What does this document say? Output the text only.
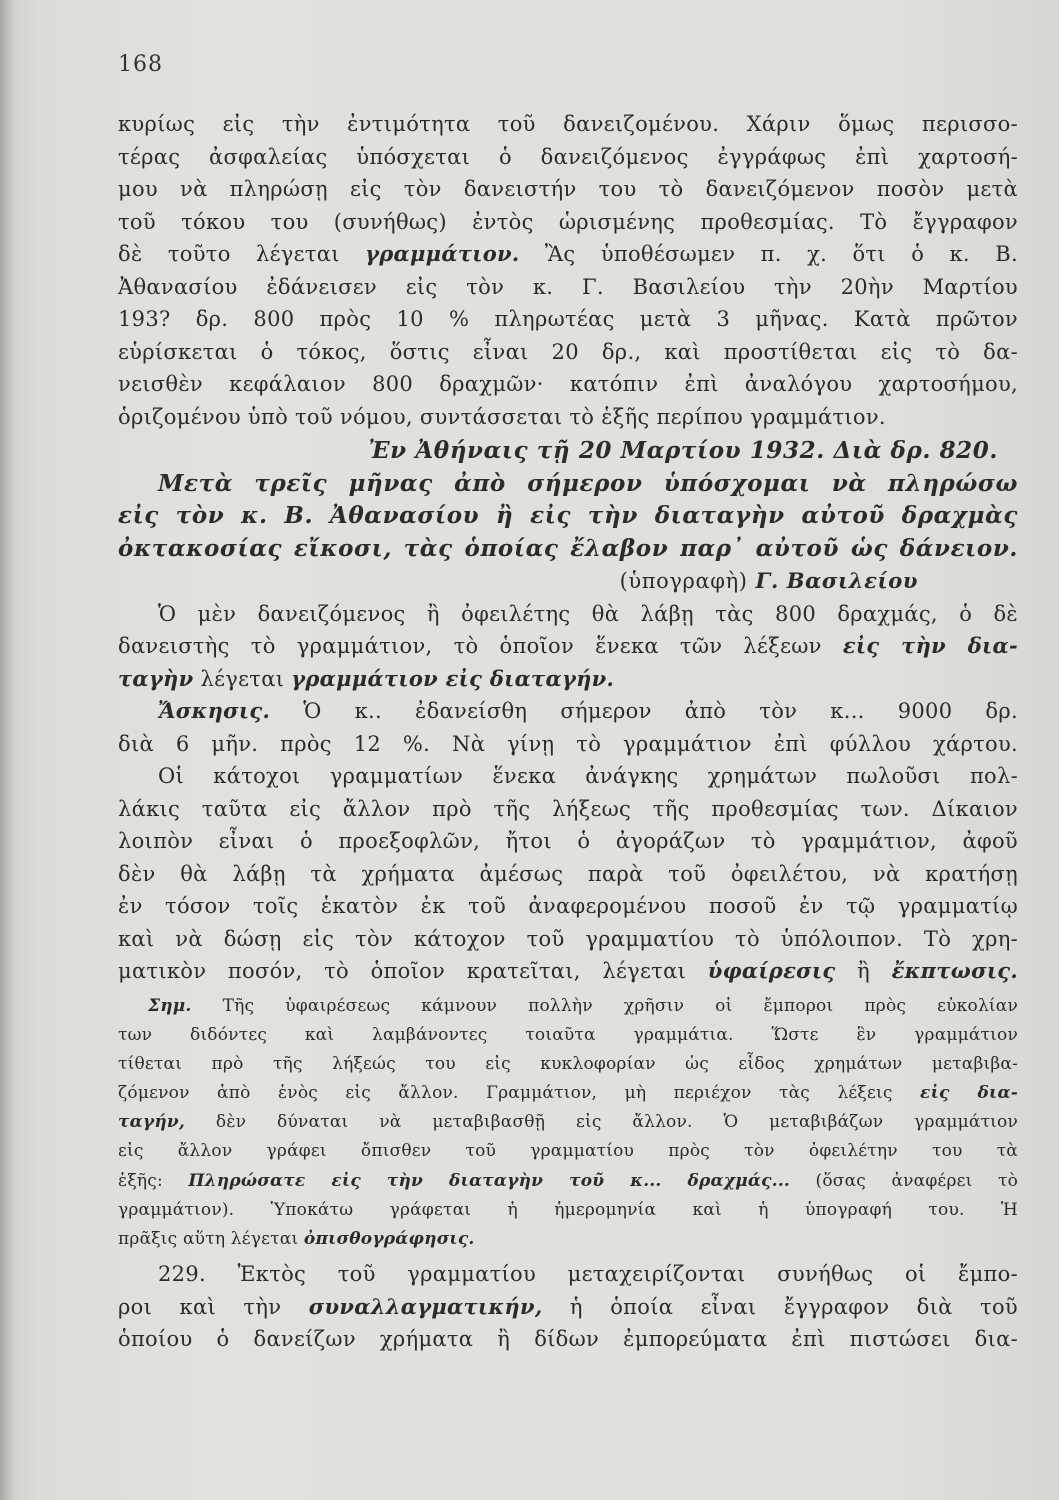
168
κυρίως εἰς τὴν ἐντιμότητα τοῦ δανειζομένου. Χάριν ὅμως περισσο-
τέρας ἀσφαλείας ὑπόσχεται ὁ δανειζόμενος ἐγγράφως ἐπὶ χαρτοσή-
μου νὰ πληρώσῃ εἰς τὸν δανειστήν του τὸ δανειζόμενον ποσὸν μετὰ
τοῦ τόκου του (συνήθως) ἐντὸς ὡρισμένης προθεσμίας. Τὸ ἔγγραφον
δὲ τοῦτο λέγεται γραμμάτιον. Ἂς ὑποθέσωμεν π. χ. ὅτι ὁ κ. Β.
Ἀθανασίου ἐδάνεισεν εἰς τὸν κ. Γ. Βασιλείου τὴν 20ὴν Μαρτίου
193? δρ. 800 πρὸς 10 % πληρωτέας μετὰ 3 μῆνας. Κατὰ πρῶτον
εὑρίσκεται ὁ τόκος, ὅστις εἶναι 20 δρ., καὶ προστίθεται εἰς τὸ δα-
νεισθὲν κεφάλαιον 800 δραχμῶν· κατόπιν ἐπὶ ἀναλόγου χαρτοσήμου,
ὁριζομένου ὑπὸ τοῦ νόμου, συντάσσεται τὸ ἑξῆς περίπου γραμμάτιον.
Ἐν Ἀθήναις τῇ 20 Μαρτίου 1932. Διὰ δρ. 820.
Μετὰ τρεῖς μῆνας ἀπὸ σήμερον ὑπόσχομαι νὰ πληρώσω
εἰς τὸν κ. Β. Ἀθανασίου ἢ εἰς τὴν διαταγὴν αὐτοῦ δραχμὰς
ὀκτακοσίας εἴκοσι, τὰς ὁποίας ἔλαβον παρ᾽ αὐτοῦ ὡς δάνειον.
(ὑπογραφὴ) Γ. Βασιλείου
Ὁ μὲν δανειζόμενος ἢ ὀφειλέτης θὰ λάβῃ τὰς 800 δραχμάς, ὁ δὲ
δανειστὴς τὸ γραμμάτιον, τὸ ὁποῖον ἕνεκα τῶν λέξεων εἰς τὴν δια-
ταγὴν λέγεται γραμμάτιον εἰς διαταγήν.
Ἄσκησις. Ὁ κ.. ἐδανείσθη σήμερον ἀπὸ τὸν κ... 9000 δρ.
διὰ 6 μῆν. πρὸς 12 %. Νὰ γίνῃ τὸ γραμμάτιον ἐπὶ φύλλου χάρτου.
Οἱ κάτοχοι γραμματίων ἕνεκα ἀνάγκης χρημάτων πωλοῦσι πολ-
λάκις ταῦτα εἰς ἄλλον πρὸ τῆς λήξεως τῆς προθεσμίας των. Δίκαιον
λοιπὸν εἶναι ὁ προεξοφλῶν, ἤτοι ὁ ἀγοράζων τὸ γραμμάτιον, ἀφοῦ
δὲν θὰ λάβῃ τὰ χρήματα ἀμέσως παρὰ τοῦ ὀφειλέτου, νὰ κρατήσῃ
ἐν τόσον τοῖς ἑκατὸν ἐκ τοῦ ἀναφερομένου ποσοῦ ἐν τῷ γραμματίῳ
καὶ νὰ δώσῃ εἰς τὸν κάτοχον τοῦ γραμματίου τὸ ὑπόλοιπον. Τὸ χρη-
ματικὸν ποσόν, τὸ ὁποῖον κρατεῖται, λέγεται ὑφαίρεσις ἢ ἔκπτωσις.
Σημ. Τῆς ὑφαιρέσεως κάμνουν πολλὴν χρῆσιν οἱ ἔμποροι πρὸς εὐκολίαν
των διδόντες καὶ λαμβάνοντες τοιαῦτα γραμμάτια. Ὥστε ἓν γραμμάτιον
τίθεται πρὸ τῆς λήξεώς του εἰς κυκλοφορίαν ὡς εἶδος χρημάτων μεταβιβα-
ζόμενον ἀπὸ ἑνὸς εἰς ἄλλον. Γραμμάτιον, μὴ περιέχον τὰς λέξεις εἰς δια-
ταγήν, δὲν δύναται νὰ μεταβιβασθῇ εἰς ἄλλον. Ὁ μεταβιβάζων γραμμάτιον
εἰς ἄλλον γράφει ὄπισθεν τοῦ γραμματίου πρὸς τὸν ὀφειλέτην του τὰ
ἑξῆς: Πληρώσατε εἰς τὴν διαταγὴν τοῦ κ... δραχμάς... (ὅσας ἀναφέρει τὸ
γραμμάτιον). Ὑποκάτω γράφεται ἡ ἡμερομηνία καὶ ἡ ὑπογραφή του. Ἡ
πρᾶξις αὕτη λέγεται ὀπισθογράφησις.
229. Ἐκτὸς τοῦ γραμματίου μεταχειρίζονται συνήθως οἱ ἔμπο-
ροι καὶ τὴν συναλλαγματικήν, ἡ ὁποία εἶναι ἔγγραφον διὰ τοῦ
ὁποίου ὁ δανείζων χρήματα ἢ δίδων ἐμπορεύματα ἐπὶ πιστώσει δια-
